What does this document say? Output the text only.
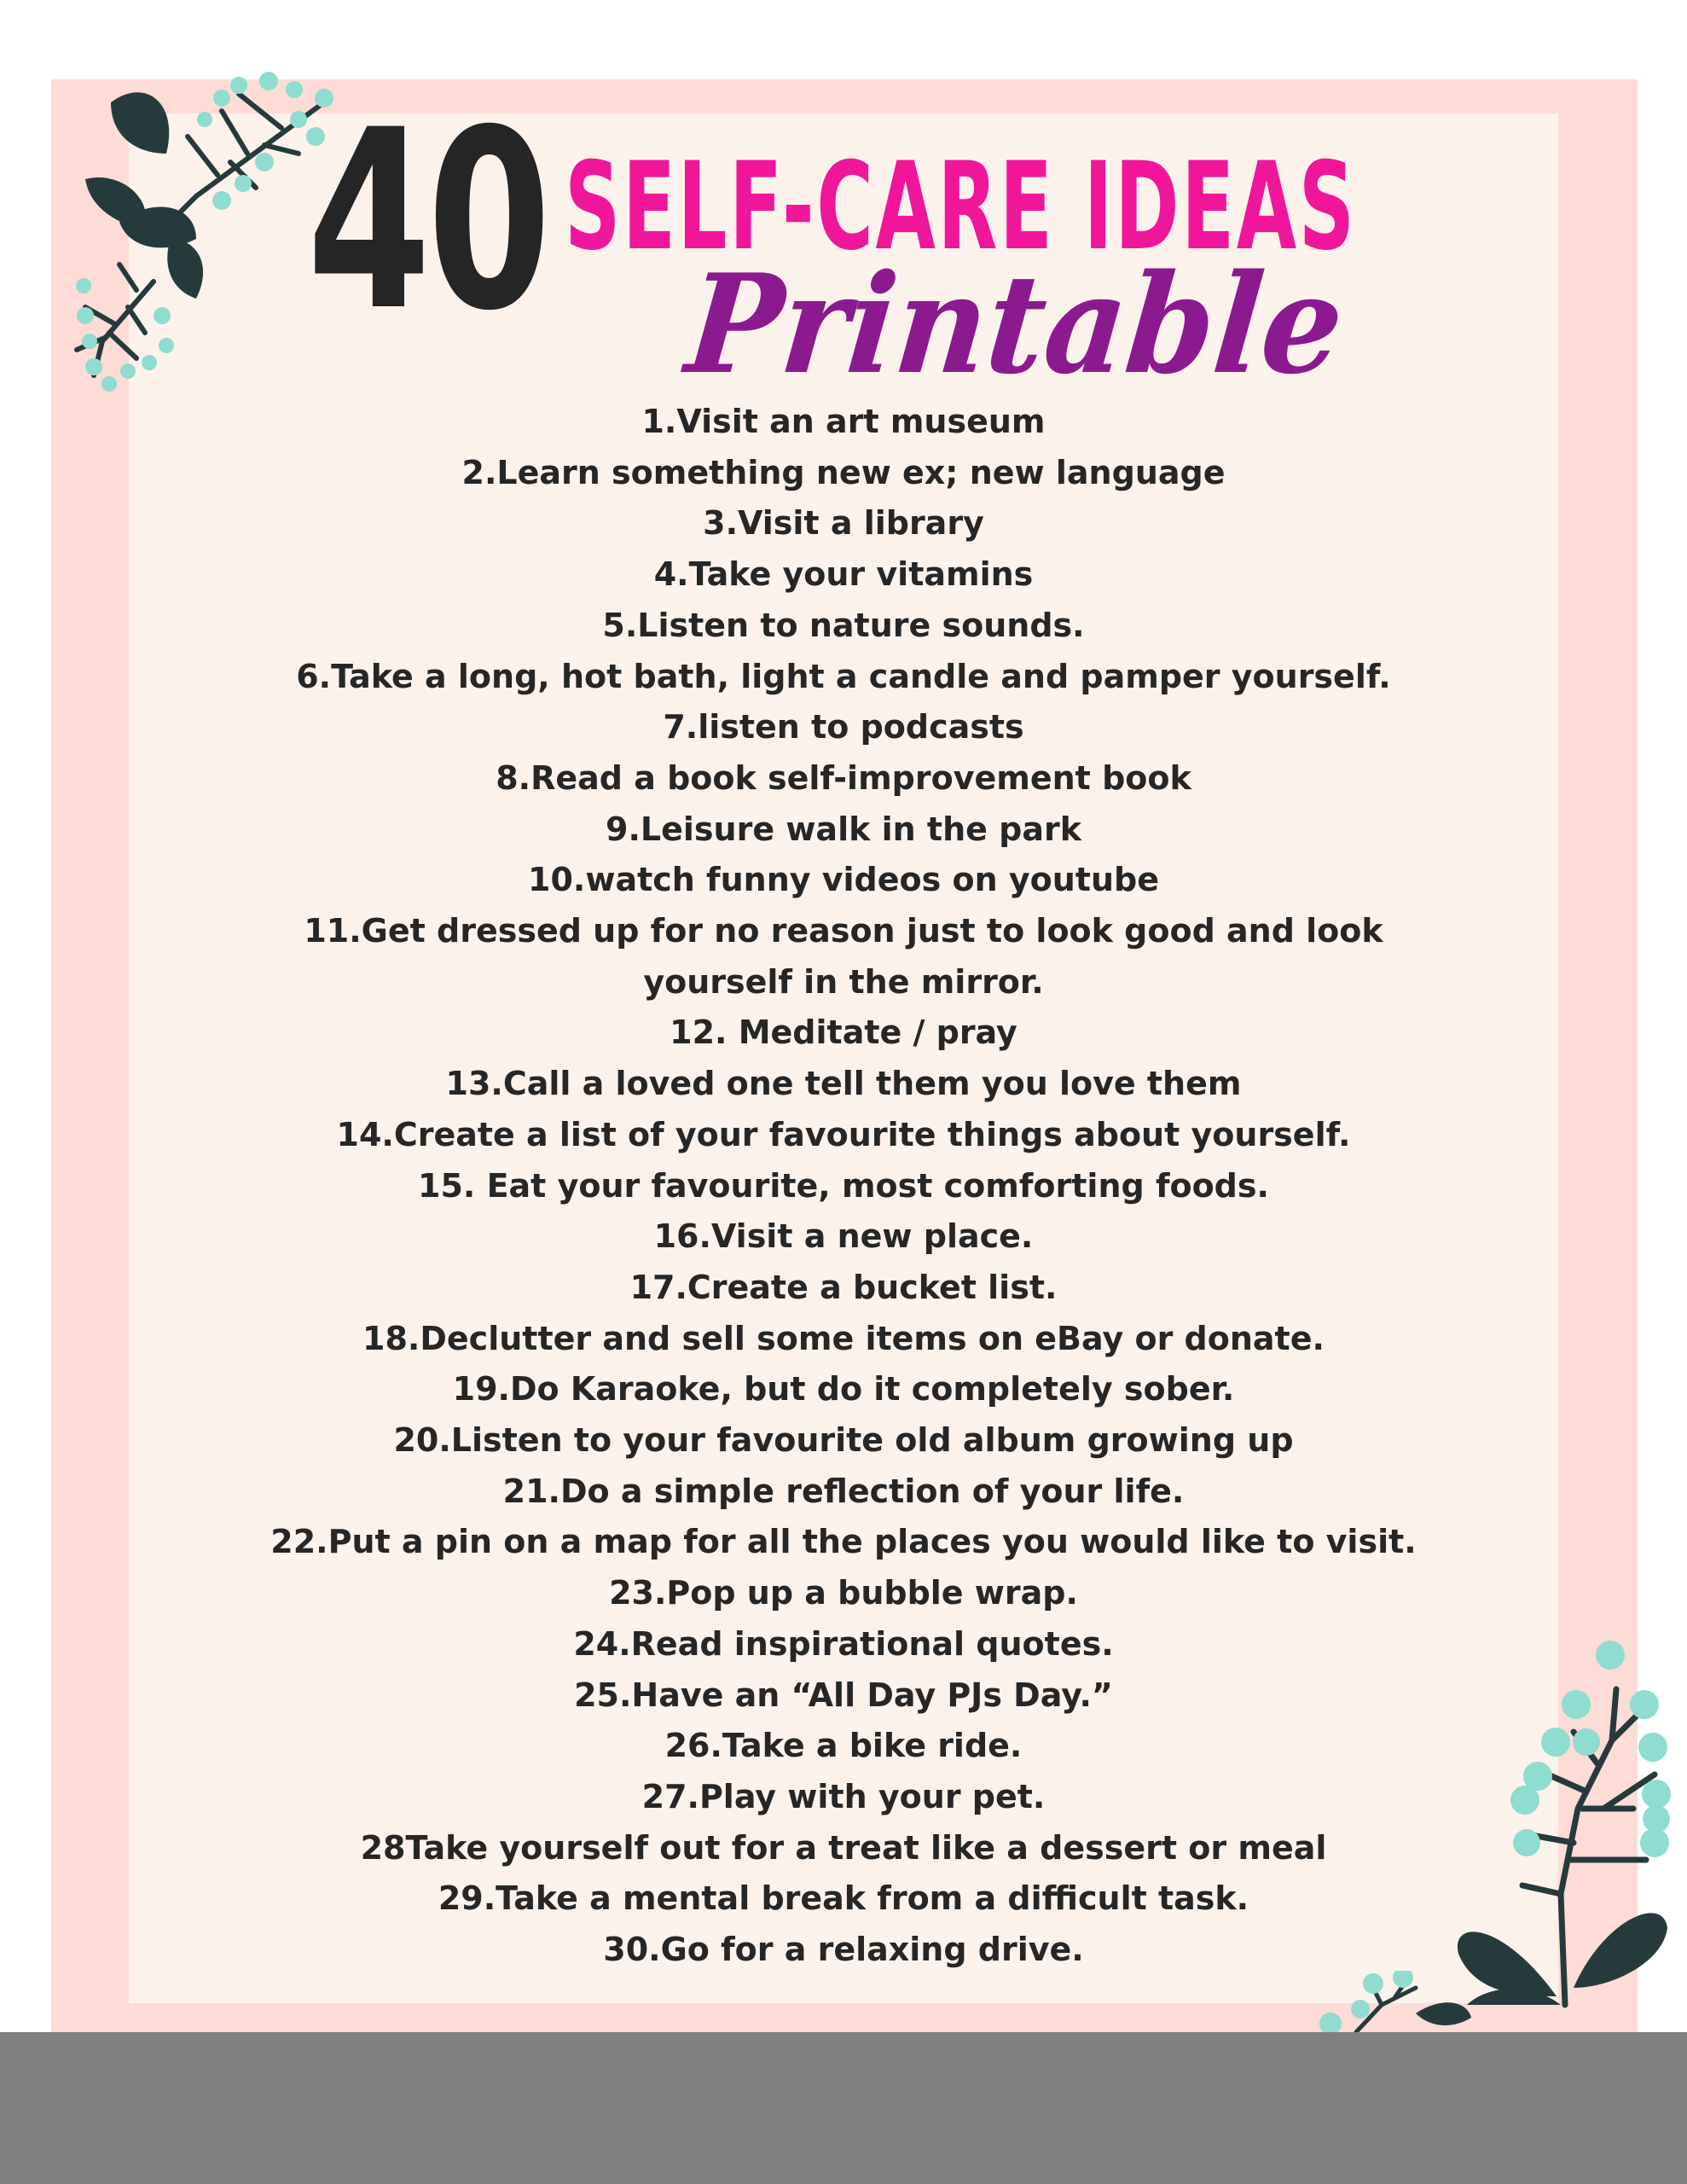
40 SELF-CARE IDEAS
Printable
1.Visit an art museum
2.Learn something new ex; new language
3.Visit a library
4.Take your vitamins
5.Listen to nature sounds.
6.Take a long, hot bath, light a candle and pamper yourself.
7.listen to podcasts
8.Read a book self-improvement book
9.Leisure walk in the park
10.watch funny videos on youtube
11.Get dressed up for no reason just to look good and look yourself in the mirror.
12. Meditate / pray
13.Call a loved one tell them you love them
14.Create a list of your favourite things about yourself.
15. Eat your favourite, most comforting foods.
16.Visit a new place.
17.Create a bucket list.
18.Declutter and sell some items on eBay or donate.
19.Do Karaoke, but do it completely sober.
20.Listen to your favourite old album growing up
21.Do a simple reflection of your life.
22.Put a pin on a map for all the places you would like to visit.
23.Pop up a bubble wrap.
24.Read inspirational quotes.
25.Have an “All Day PJs Day.”
26.Take a bike ride.
27.Play with your pet.
28Take yourself out for a treat like a dessert or meal
29.Take a mental break from a difficult task.
30.Go for a relaxing drive.
